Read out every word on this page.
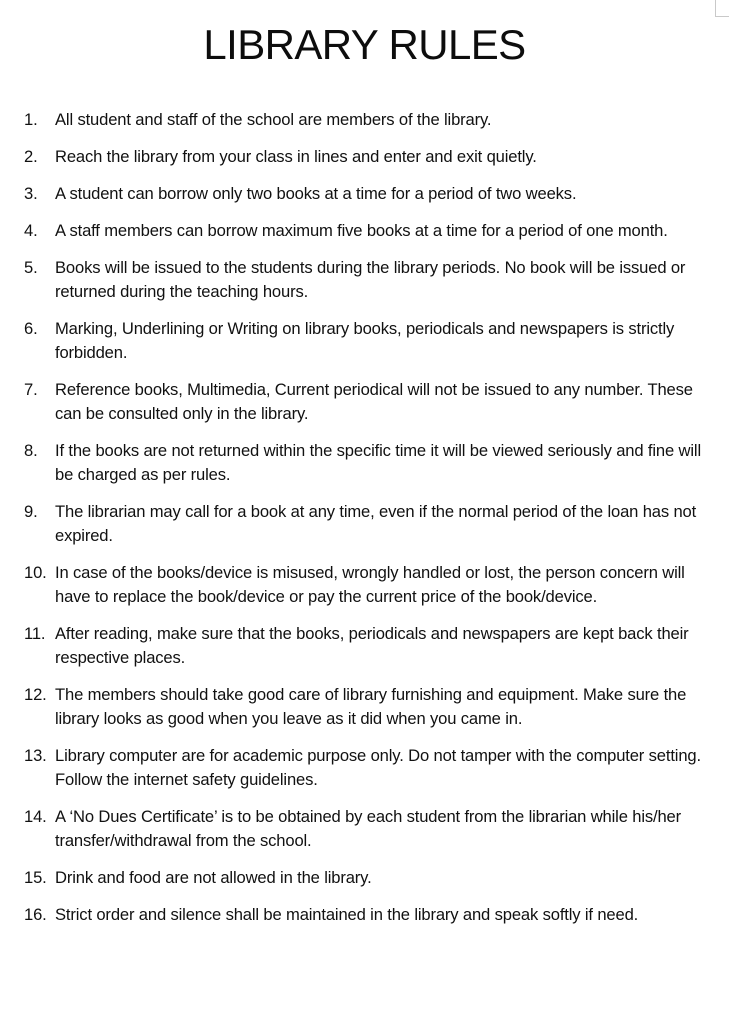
LIBRARY RULES
1.	All student and staff of the school are members of the library.
2.	Reach the library from your class in lines and enter and exit quietly.
3.	A student can borrow only two books at a time for a period of two weeks.
4.	A staff members can borrow maximum five books at a time for a period of one month.
5.	Books will be issued to the students during the library periods. No book will be issued or returned during the teaching hours.
6.	Marking, Underlining or Writing on library books, periodicals and newspapers is strictly forbidden.
7.	Reference books, Multimedia, Current periodical will not be issued to any number. These can be consulted only in the library.
8.	If the books are not returned within the specific time it will be viewed seriously and fine will be charged as per rules.
9.	The librarian may call for a book at any time, even if the normal period of the loan has not expired.
10. In case of the books/device is misused, wrongly handled or lost, the person concern will have to replace the book/device or pay the current price of the book/device.
11. After reading, make sure that the books, periodicals and newspapers are kept back their respective places.
12. The members should take good care of library furnishing and equipment. Make sure the library looks as good when you leave as it did when you came in.
13. Library computer are for academic purpose only. Do not tamper with the computer setting. Follow the internet safety guidelines.
14. A ‘No Dues Certificate’ is to be obtained by each student from the librarian while his/her transfer/withdrawal from the school.
15. Drink and food are not allowed in the library.
16. Strict order and silence shall be maintained in the library and speak softly if need.
